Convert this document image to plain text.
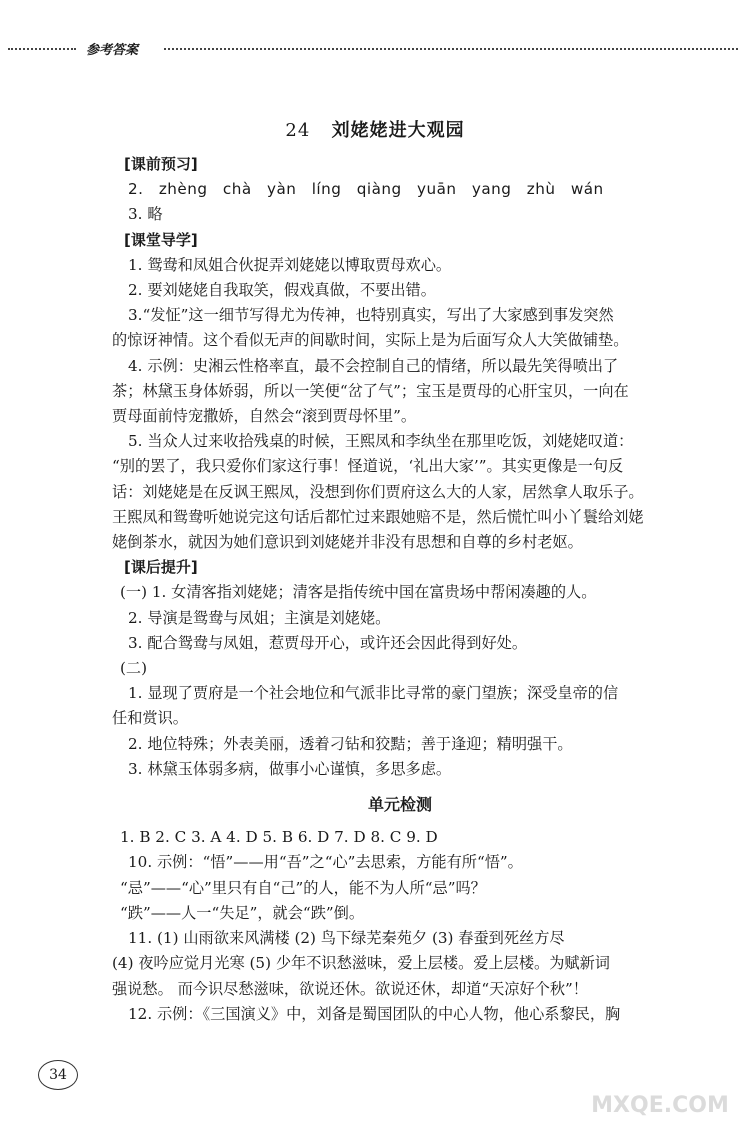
参考答案
24 刘姥姥进大观园
[课前预习]
2. zhèng chà yàn líng qiàng yuān yang zhù wán
3. 略
[课堂导学]
1. 鸳鸯和凤姐合伙捉弄刘姥姥以博取贾母欢心。
2. 要刘姥姥自我取笑，假戏真做，不要出错。
3.“发怔”这一细节写得尤为传神，也特别真实，写出了大家感到事发突然
的惊讶神情。这个看似无声的间歇时间，实际上是为后面写众人大笑做铺垫。
4. 示例：史湘云性格率直，最不会控制自己的情绪，所以最先笑得喷出了
茶；林黛玉身体娇弱，所以一笑便“岔了气”；宝玉是贾母的心肝宝贝，一向在
贾母面前恃宠撒娇，自然会“滚到贾母怀里”。
5. 当众人过来收拾残桌的时候，王熙凤和李纨坐在那里吃饭，刘姥姥叹道：
“别的罢了，我只爱你们家这行事！怪道说，‘礼出大家’”。其实更像是一句反
话：刘姥姥是在反讽王熙凤，没想到你们贾府这么大的人家，居然拿人取乐子。
王熙凤和鸳鸯听她说完这句话后都忙过来跟她赔不是，然后慌忙叫小丫鬟给刘姥
姥倒茶水，就因为她们意识到刘姥姥并非没有思想和自尊的乡村老妪。
[课后提升]
(一) 1. 女清客指刘姥姥；清客是指传统中国在富贵场中帮闲凑趣的人。
2. 导演是鸳鸯与凤姐；主演是刘姥姥。
3. 配合鸳鸯与凤姐，惹贾母开心，或许还会因此得到好处。
(二)
1. 显现了贾府是一个社会地位和气派非比寻常的豪门望族；深受皇帝的信
任和赏识。
2. 地位特殊；外表美丽，透着刁钻和狡黠；善于逢迎；精明强干。
3. 林黛玉体弱多病，做事小心谨慎，多思多虑。
单元检测
1. B 2. C 3. A 4. D 5. B 6. D 7. D 8. C 9. D
10. 示例：“悟”——用“吾”之“心”去思索，方能有所“悟”。
“忌”——“心”里只有自“己”的人，能不为人所“忌”吗？
“跌”——人一“失足”，就会“跌”倒。
11. (1) 山雨欲来风满楼 (2) 鸟下绿芜秦苑夕 (3) 春蚕到死丝方尽
(4) 夜吟应觉月光寒 (5) 少年不识愁滋味，爱上层楼。爱上层楼。为赋新词
强说愁。 而今识尽愁滋味，欲说还休。欲说还休，却道“天凉好个秋”！
12. 示例：《三国演义》中，刘备是蜀国团队的中心人物，他心系黎民，胸
34
MXQE.COM
